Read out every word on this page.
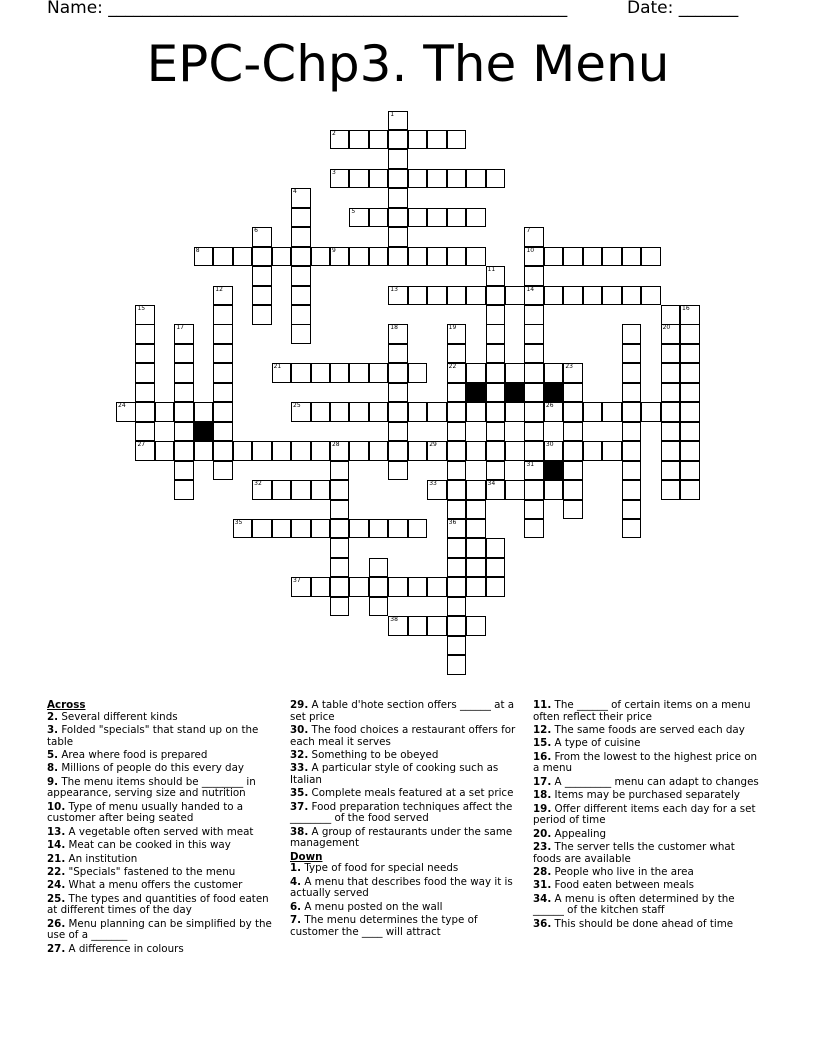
Name: ______________________________________________________	Date: _______
EPC-Chp3. The Menu
2
3
5
8	9	10
13	14
21	22	23
24	25	26
27	28	29	30
32	33	34
35
37
38
1
4
6	7
31
11
12
15
17	20
18	19
36
16
Across
2. Several different kinds
3. Folded "specials" that stand up on the table
5. Area where food is prepared
8. Millions of people do this every day
9. The menu items should be ________ in appearance, serving size and nutrition
10. Type of menu usually handed to a customer after being seated
13. A vegetable often served with meat
14. Meat can be cooked in this way
21. An institution
22. "Specials" fastened to the menu
24. What a menu offers the customer
25. The types and quantities of food eaten at different times of the day
26. Menu planning can be simplified by the use of a _______
27. A difference in colours
29. A table d'hote section offers ______ at a set price
30. The food choices a restaurant offers for each meal it serves
32. Something to be obeyed
33. A particular style of cooking such as Italian
35. Complete meals featured at a set price
37. Food preparation techniques affect the ________ of the food served
38. A group of restaurants under the same management
Down
1. Type of food for special needs
4. A menu that describes food the way it is actually served
6. A menu posted on the wall
7. The menu determines the type of customer the ____ will attract
11. The ______ of certain items on a menu often reflect their price
12. The same foods are served each day
15. A type of cuisine
16. From the lowest to the highest price on a menu
17. A _________ menu can adapt to changes
18. Items may be purchased separately
19. Offer different items each day for a set period of time
20. Appealing
23. The server tells the customer what foods are available
28. People who live in the area
31. Food eaten between meals
34. A menu is often determined by the ______ of the kitchen staff
36. This should be done ahead of time
